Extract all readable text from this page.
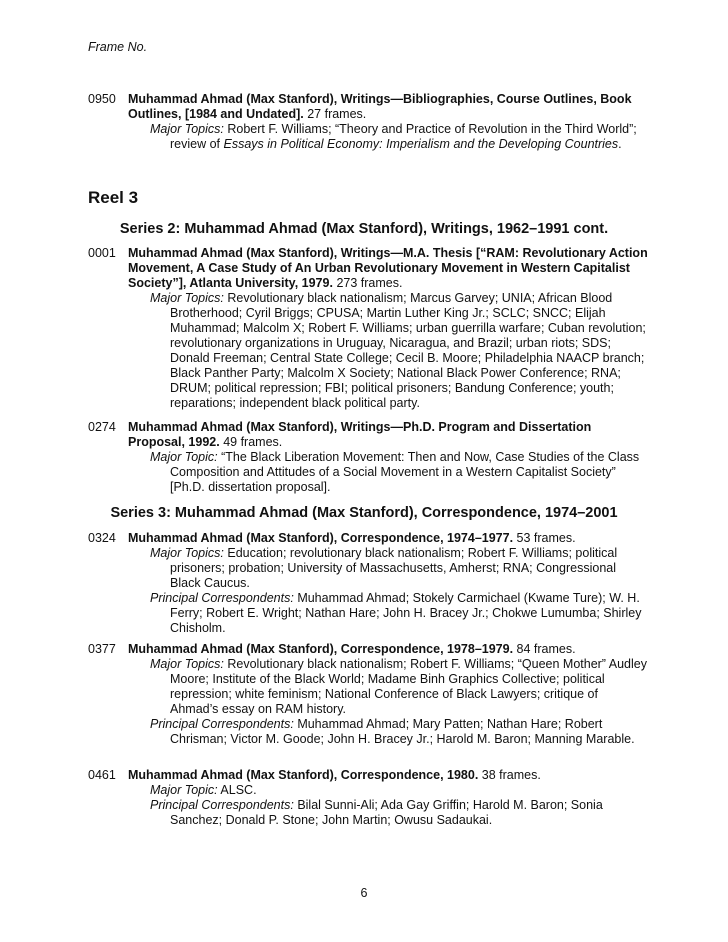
Frame No.
0950 Muhammad Ahmad (Max Stanford), Writings—Bibliographies, Course Outlines, Book Outlines, [1984 and Undated]. 27 frames.
Major Topics: Robert F. Williams; “Theory and Practice of Revolution in the Third World”; review of Essays in Political Economy: Imperialism and the Developing Countries.
Reel 3
Series 2: Muhammad Ahmad (Max Stanford), Writings, 1962–1991 cont.
0001 Muhammad Ahmad (Max Stanford), Writings—M.A. Thesis [“RAM: Revolutionary Action Movement, A Case Study of An Urban Revolutionary Movement in Western Capitalist Society”], Atlanta University, 1979. 273 frames.
Major Topics: Revolutionary black nationalism; Marcus Garvey; UNIA; African Blood Brotherhood; Cyril Briggs; CPUSA; Martin Luther King Jr.; SCLC; SNCC; Elijah Muhammad; Malcolm X; Robert F. Williams; urban guerrilla warfare; Cuban revolution; revolutionary organizations in Uruguay, Nicaragua, and Brazil; urban riots; SDS; Donald Freeman; Central State College; Cecil B. Moore; Philadelphia NAACP branch; Black Panther Party; Malcolm X Society; National Black Power Conference; RNA; DRUM; political repression; FBI; political prisoners; Bandung Conference; youth; reparations; independent black political party.
0274 Muhammad Ahmad (Max Stanford), Writings—Ph.D. Program and Dissertation Proposal, 1992. 49 frames.
Major Topic: “The Black Liberation Movement: Then and Now, Case Studies of the Class Composition and Attitudes of a Social Movement in a Western Capitalist Society” [Ph.D. dissertation proposal].
Series 3: Muhammad Ahmad (Max Stanford), Correspondence, 1974–2001
0324 Muhammad Ahmad (Max Stanford), Correspondence, 1974–1977. 53 frames.
Major Topics: Education; revolutionary black nationalism; Robert F. Williams; political prisoners; probation; University of Massachusetts, Amherst; RNA; Congressional Black Caucus.
Principal Correspondents: Muhammad Ahmad; Stokely Carmichael (Kwame Ture); W. H. Ferry; Robert E. Wright; Nathan Hare; John H. Bracey Jr.; Chokwe Lumumba; Shirley Chisholm.
0377 Muhammad Ahmad (Max Stanford), Correspondence, 1978–1979. 84 frames.
Major Topics: Revolutionary black nationalism; Robert F. Williams; “Queen Mother” Audley Moore; Institute of the Black World; Madame Binh Graphics Collective; political repression; white feminism; National Conference of Black Lawyers; critique of Ahmad’s essay on RAM history.
Principal Correspondents: Muhammad Ahmad; Mary Patten; Nathan Hare; Robert Chrisman; Victor M. Goode; John H. Bracey Jr.; Harold M. Baron; Manning Marable.
0461 Muhammad Ahmad (Max Stanford), Correspondence, 1980. 38 frames.
Major Topic: ALSC.
Principal Correspondents: Bilal Sunni-Ali; Ada Gay Griffin; Harold M. Baron; Sonia Sanchez; Donald P. Stone; John Martin; Owusu Sadaukai.
6
